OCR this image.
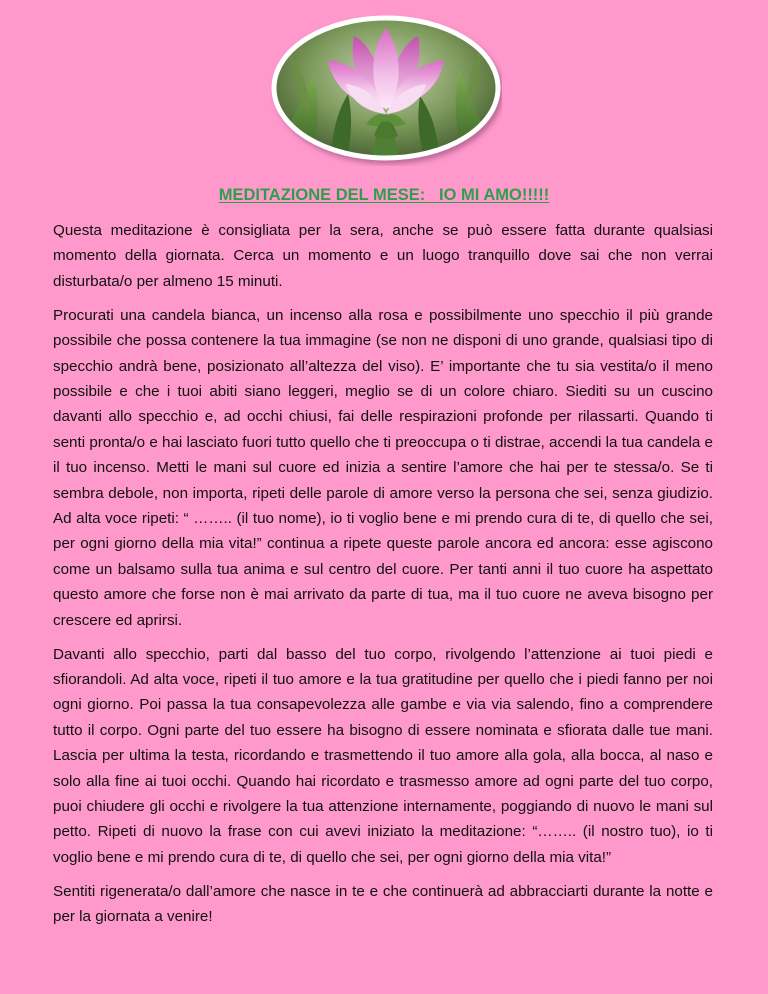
MEDITAZIONE DEL MESE:   IO MI AMO!!!!!

Questa meditazione è consigliata per la sera, anche se può essere fatta durante qualsiasi momento della giornata. Cerca un momento e un luogo tranquillo dove sai che non verrai disturbata/o per almeno 15 minuti.

Procurati una candela bianca, un incenso alla rosa e possibilmente uno specchio il più grande possibile che possa contenere la tua immagine (se non ne disponi di uno grande, qualsiasi tipo di specchio andrà bene, posizionato all’altezza del viso). E’ importante che tu sia vestita/o il meno possibile e che i tuoi abiti siano leggeri, meglio se di un colore chiaro. Siediti su un cuscino davanti allo specchio e, ad occhi chiusi, fai delle respirazioni profonde per rilassarti. Quando ti senti pronta/o e hai lasciato fuori tutto quello che ti preoccupa o ti distrae, accendi la tua candela e il tuo incenso. Metti le mani sul cuore ed inizia a sentire l’amore che hai per te stessa/o. Se ti sembra debole, non importa, ripeti delle parole di amore verso la persona che sei, senza giudizio. Ad alta voce ripeti: “ …….. (il tuo nome), io ti voglio bene e mi prendo cura di te, di quello che sei, per ogni giorno della mia vita!” continua a ripete queste parole ancora ed ancora: esse agiscono come un balsamo sulla tua anima e sul centro del cuore. Per tanti anni il tuo cuore ha aspettato questo amore che forse non è mai arrivato da parte di tua, ma il tuo cuore ne aveva bisogno per crescere ed aprirsi.

Davanti allo specchio, parti dal basso del tuo corpo, rivolgendo l’attenzione ai tuoi piedi e sfiorandoli. Ad alta voce, ripeti il tuo amore e la tua gratitudine per quello che i piedi fanno per noi ogni giorno. Poi passa la tua consapevolezza alle gambe e via via salendo, fino a comprendere tutto il corpo. Ogni parte del tuo essere ha bisogno di essere nominata e sfiorata dalle tue mani. Lascia per ultima la testa, ricordando e trasmettendo il tuo amore alla gola, alla bocca, al naso e solo alla fine ai tuoi occhi. Quando hai ricordato e trasmesso amore ad ogni parte del tuo corpo, puoi chiudere gli occhi e rivolgere la tua attenzione internamente, poggiando di nuovo le mani sul petto. Ripeti di nuovo la frase con cui avevi iniziato la meditazione: “…….. (il nostro tuo), io ti voglio bene e mi prendo cura di te, di quello che sei, per ogni giorno della mia vita!”

Sentiti rigenerata/o dall’amore che nasce in te e che continuerà ad abbracciarti durante la notte e per la giornata a venire!
